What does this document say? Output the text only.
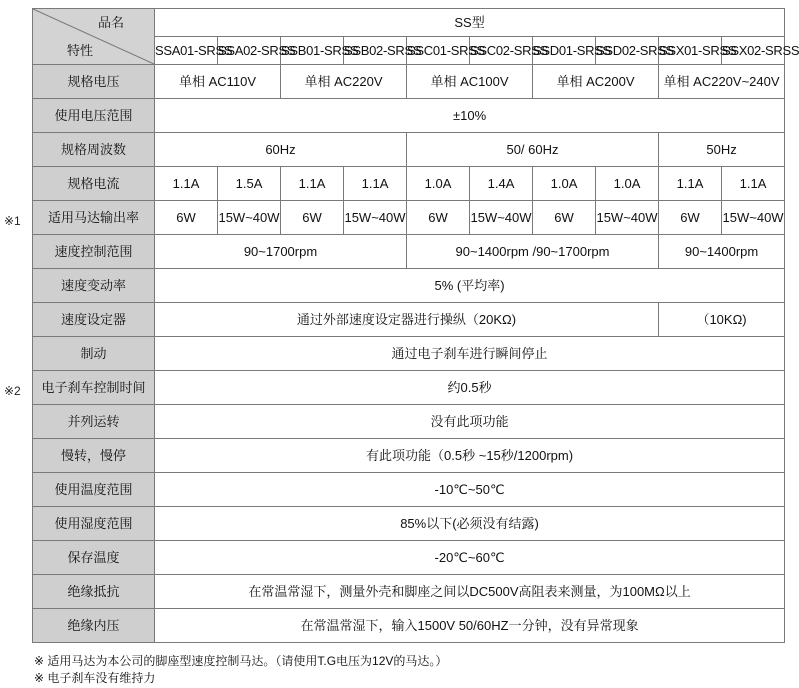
品名
特性	SS型									
	SSA01-SRSS	SSA02-SRSS	SSB01-SRSS	SSB02-SRSS	SSC01-SRSS	SSC02-SRSS	SSD01-SRSS	SSD02-SRSS	SSX01-SRSS	SSX02-SRSS
规格电压	单相 AC110V		单相 AC220V		单相 AC100V		单相 AC200V		单相 AC220V~240V	
使用电压范围	±10%									
规格周波数	60Hz				50/ 60Hz				50Hz	
规格电流	1.1A	1.5A	1.1A	1.1A	1.0A	1.4A	1.0A	1.0A	1.1A	1.1A
适用马达输出率	6W	15W~40W	6W	15W~40W	6W	15W~40W	6W	15W~40W	6W	15W~40W
速度控制范围	90~1700rpm				90~1400rpm /90~1700rpm				90~1400rpm	
速度变动率	5% (平均率)									
速度设定器	通过外部速度设定器进行操纵（20KΩ)								（10KΩ)	
制动	通过电子刹车进行瞬间停止									
电子刹车控制时间	约0.5秒									
并列运转	没有此项功能									
慢转，慢停	有此项功能（0.5秒 ~15秒/1200rpm)									
使用温度范围	-10℃~50℃									
使用湿度范围	85%以下(必须没有结露)									
保存温度	-20℃~60℃									
绝缘抵抗	在常温常湿下，测量外壳和脚座之间以DC500V高阻表来测量，为100MΩ以上									
绝缘内压	在常温常湿下，输入1500V 50/60HZ一分钟，没有异常现象									
※1
※2
※ 适用马达为本公司的脚座型速度控制马达。（请使用T.G电压为12V的马达。）
※ 电子刹车没有维持力
